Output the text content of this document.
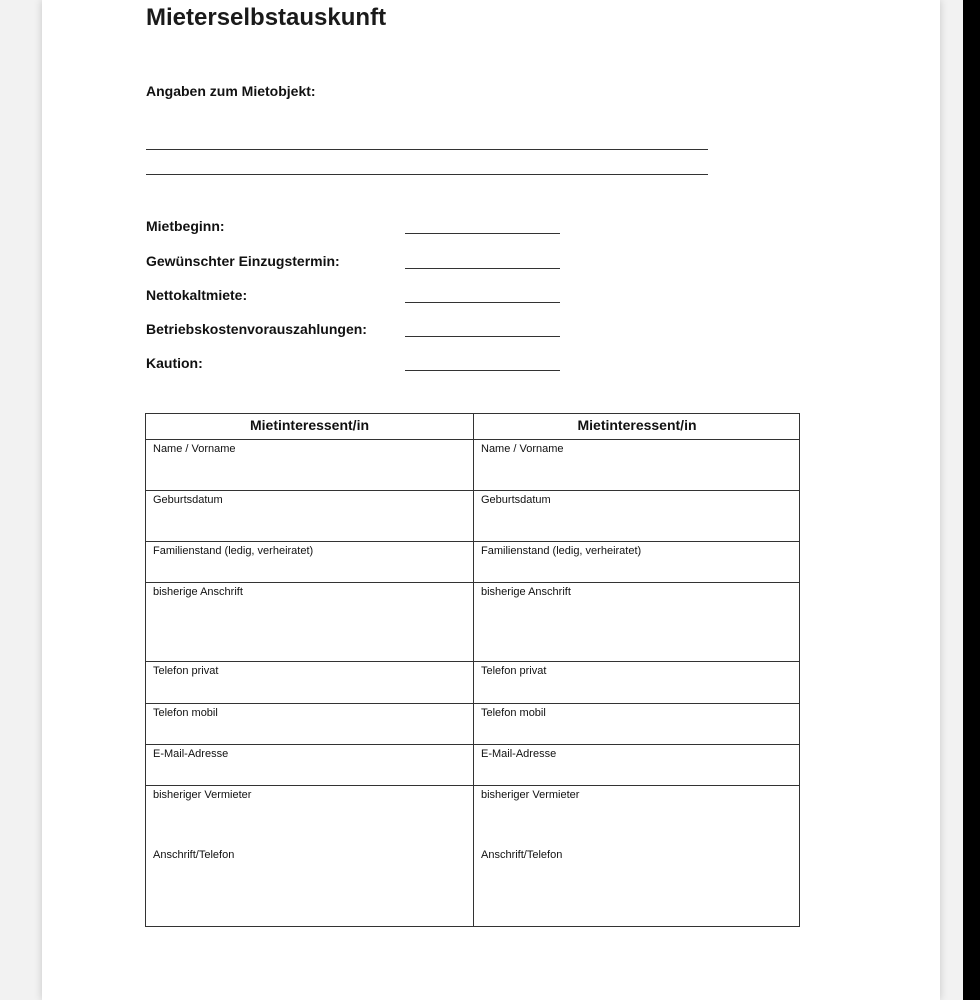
Mieterselbstauskunft
Angaben zum Mietobjekt:
Mietbeginn:
Gewünschter Einzugstermin:
Nettokaltmiete:
Betriebskostenvorauszahlungen:
Kaution:
Mietinteressent/in
Name / Vorname
Geburtsdatum
Familienstand (ledig, verheiratet)
bisherige Anschrift
Telefon privat
Telefon mobil
E-Mail-Adresse
bisheriger Vermieter
Anschrift/Telefon
Mietinteressent/in
Name / Vorname
Geburtsdatum
Familienstand (ledig, verheiratet)
bisherige Anschrift
Telefon privat
Telefon mobil
E-Mail-Adresse
bisheriger Vermieter
Anschrift/Telefon
